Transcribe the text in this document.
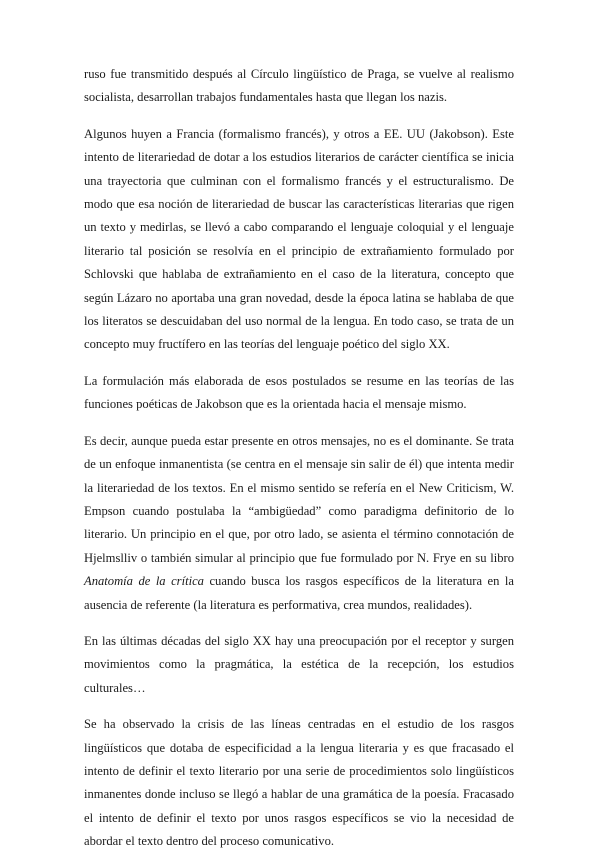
ruso fue transmitido después al Círculo lingüístico de Praga, se vuelve al realismo socialista, desarrollan trabajos fundamentales hasta que llegan los nazis.

Algunos huyen a Francia (formalismo francés), y otros a EE. UU (Jakobson). Este intento de literariedad de dotar a los estudios literarios de carácter científica se inicia una trayectoria que culminan con el formalismo francés y el estructuralismo. De modo que esa noción de literariedad de buscar las características literarias que rigen un texto y medirlas, se llevó a cabo comparando el lenguaje coloquial y el lenguaje literario tal posición se resolvía en el principio de extrañamiento formulado por Schlovski que hablaba de extrañamiento en el caso de la literatura, concepto que según Lázaro no aportaba una gran novedad, desde la época latina se hablaba de que los literatos se descuidaban del uso normal de la lengua. En todo caso, se trata de un concepto muy fructífero en las teorías del lenguaje poético del siglo XX.

La formulación más elaborada de esos postulados se resume en las teorías de las funciones poéticas de Jakobson que es la orientada hacia el mensaje mismo.

Es decir, aunque pueda estar presente en otros mensajes, no es el dominante. Se trata de un enfoque inmanentista (se centra en el mensaje sin salir de él) que intenta medir la literariedad de los textos. En el mismo sentido se refería en el New Criticism, W. Empson cuando postulaba la “ambigüedad” como paradigma definitorio de lo literario. Un principio en el que, por otro lado, se asienta el término connotación de Hjelmslliv o también simular al principio que fue formulado por N. Frye en su libro Anatomía de la crítica cuando busca los rasgos específicos de la literatura en la ausencia de referente (la literatura es performativa, crea mundos, realidades).

En las últimas décadas del siglo XX hay una preocupación por el receptor y surgen movimientos como la pragmática, la estética de la recepción, los estudios culturales…

Se ha observado la crisis de las líneas centradas en el estudio de los rasgos lingüísticos que dotaba de especificidad a la lengua literaria y es que fracasado el intento de definir el texto literario por una serie de procedimientos solo lingüísticos inmanentes donde incluso se llegó a hablar de una gramática de la poesía. Fracasado el intento de definir el texto por unos rasgos específicos se vio la necesidad de abordar el texto dentro del proceso comunicativo.
